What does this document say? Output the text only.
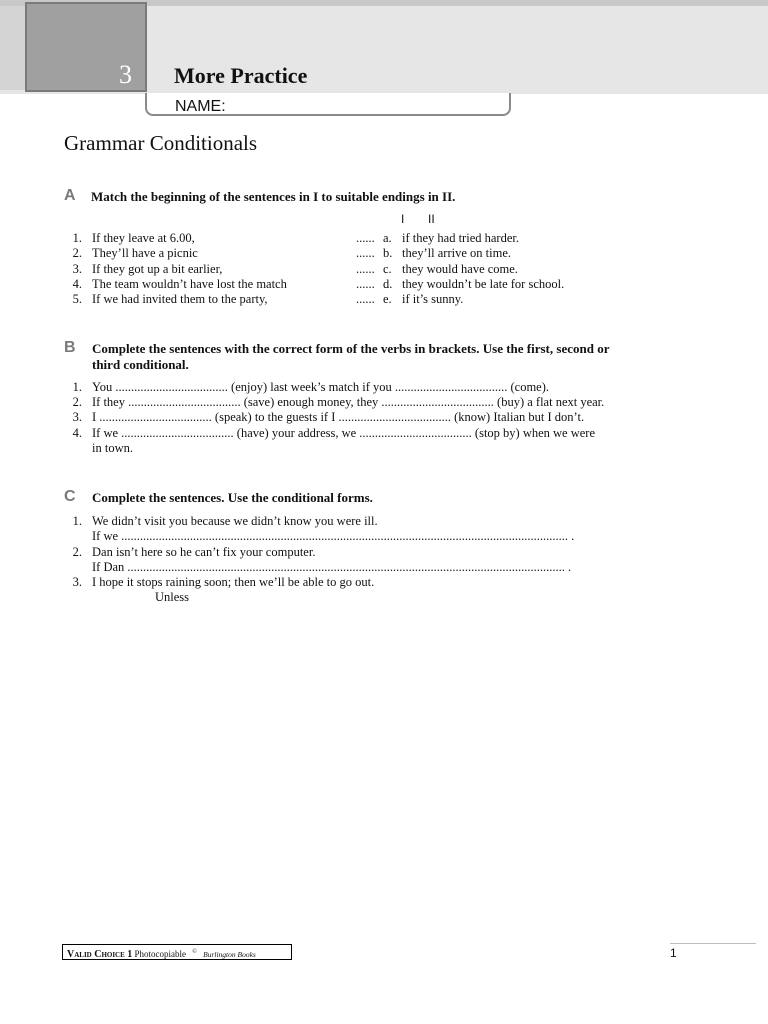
3 More Practice
NAME:
Grammar Conditionals
A Match the beginning of the sentences in I to suitable endings in II.
I II
1. If they leave at 6.00,	...... a. if they had tried harder.
2. They’ll have a picnic	...... b. they’ll arrive on time.
3. If they got up a bit earlier,	...... c. they would have come.
4. The team wouldn’t have lost the match	...... d. they wouldn’t be late for school.
5. If we had invited them to the party,	...... e. if it’s sunny.
B Complete the sentences with the correct form of the verbs in brackets. Use the first, second or
third conditional.
1. You .................................... (enjoy) last week’s match if you .................................... (come).
2. If they .................................... (save) enough money, they .................................... (buy) a flat next year.
3. I .................................... (speak) to the guests if I .................................... (know) Italian but I don’t.
4. If we .................................... (have) your address, we .................................... (stop by) when we were
in town.
C Complete the sentences. Use the conditional forms.
1. We didn’t visit you because we didn’t know you were ill.
If we ............................................................................................................................................... .
2. Dan isn’t here so he can’t fix your computer.
If Dan ............................................................................................................................................ .
3. I hope it stops raining soon; then we’ll be able to go out.
Unless
Valid Choice 1 Photocopiable © Burlington Books	1
